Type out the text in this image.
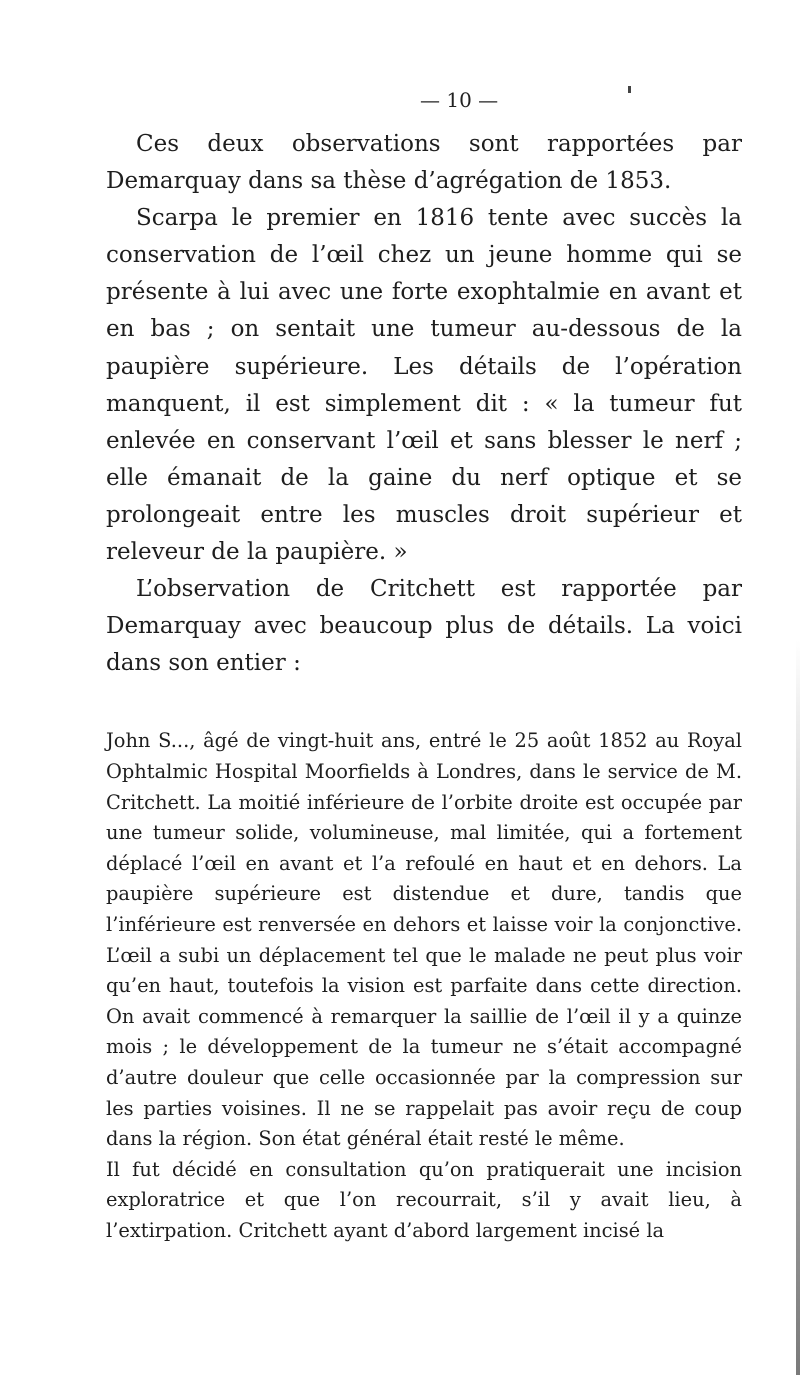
— 10 —

Ces deux observations sont rapportées par Demarquay dans sa thèse d’agrégation de 1853.

Scarpa le premier en 1816 tente avec succès la conservation de l’œil chez un jeune homme qui se présente à lui avec une forte exophtalmie en avant et en bas ; on sentait une tumeur au-dessous de la paupière supérieure. Les détails de l’opération manquent, il est simplement dit : « la tumeur fut enlevée en conservant l’œil et sans blesser le nerf ; elle émanait de la gaine du nerf optique et se prolongeait entre les muscles droit supérieur et releveur de la paupière. »

L’observation de Critchett est rapportée par Demarquay avec beaucoup plus de détails. La voici dans son entier :

John S..., âgé de vingt-huit ans, entré le 25 août 1852 au Royal Ophtalmic Hospital Moorfields à Londres, dans le service de M. Critchett. La moitié inférieure de l’orbite droite est occupée par une tumeur solide, volumineuse, mal limitée, qui a fortement déplacé l’œil en avant et l’a refoulé en haut et en dehors. La paupière supérieure est distendue et dure, tandis que l’inférieure est renversée en dehors et laisse voir la conjonctive. L’œil a subi un déplacement tel que le malade ne peut plus voir qu’en haut, toutefois la vision est parfaite dans cette direction. On avait commencé à remarquer la saillie de l’œil il y a quinze mois ; le développement de la tumeur ne s’était accompagné d’autre douleur que celle occasionnée par la compression sur les parties voisines. Il ne se rappelait pas avoir reçu de coup dans la région. Son état général était resté le même.

Il fut décidé en consultation qu’on pratiquerait une incision exploratrice et que l’on recourrait, s’il y avait lieu, à l’extirpation. Critchett ayant d’abord largement incisé la
